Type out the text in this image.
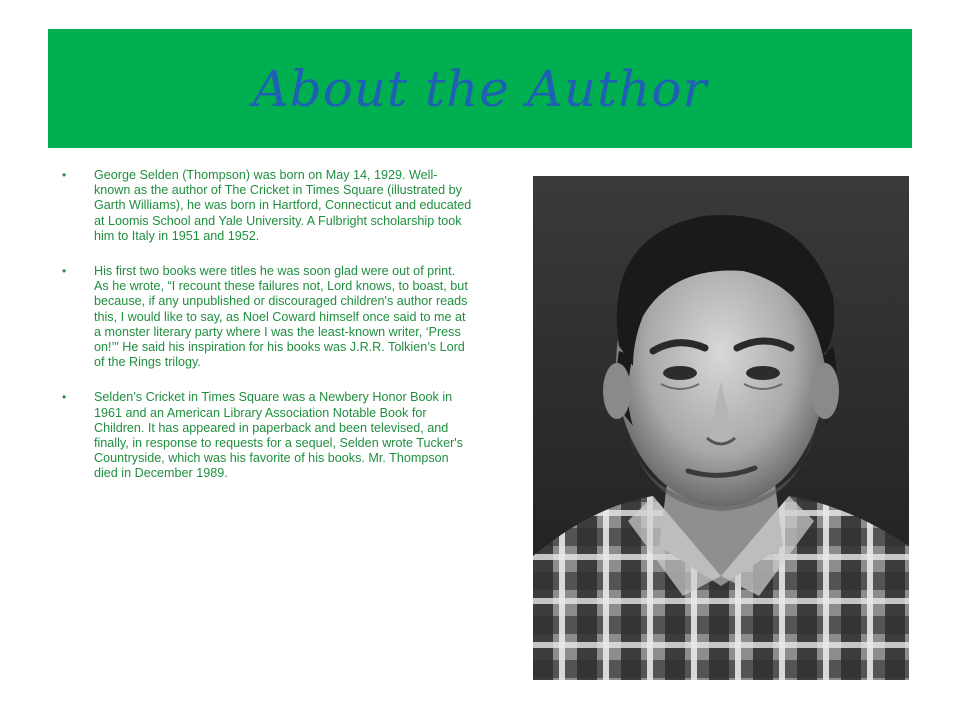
About the Author
•	George Selden (Thompson) was born on May 14, 1929. Well-known as the author of The Cricket in Times Square (illustrated by Garth Williams), he was born in Hartford, Connecticut and educated at Loomis School and Yale University. A Fulbright scholarship took him to Italy in 1951 and 1952.
•	His first two books were titles he was soon glad were out of print. As he wrote, “I recount these failures not, Lord knows, to boast, but because, if any unpublished or discouraged children's author reads this, I would like to say, as Noel Coward himself once said to me at a monster literary party where I was the least-known writer, ‘Press on!’" He said his inspiration for his books was J.R.R. Tolkien’s Lord of the Rings trilogy.
•	Selden’s Cricket in Times Square was a Newbery Honor Book in 1961 and an American Library Association Notable Book for Children. It has appeared in paperback and been televised, and finally, in response to requests for a sequel, Selden wrote Tucker's Countryside, which was his favorite of his books. Mr. Thompson died in December 1989.
